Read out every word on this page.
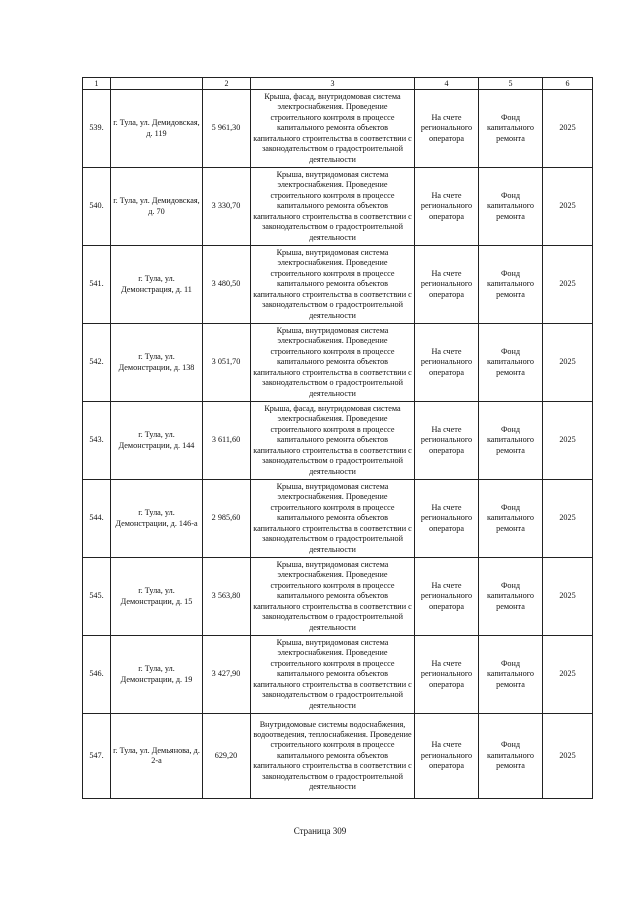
1		2	3	4	5	6
539.	г. Тула, ул. Демидовская, д. 119	5 961,30	Крыша, фасад, внутридомовая система электроснабжения. Проведение строительного контроля в процессе капитального ремонта объектов капитального строительства в соответствии с законодательством о градостроительной деятельности	На счете регионального оператора	Фонд капитального ремонта	2025
540.	г. Тула, ул. Демидовская, д. 70	3 330,70	Крыша, внутридомовая система электроснабжения. Проведение строительного контроля в процессе капитального ремонта объектов капитального строительства в соответствии с законодательством о градостроительной деятельности	На счете регионального оператора	Фонд капитального ремонта	2025
541.	г. Тула, ул. Демонстрация, д. 11	3 480,50	Крыша, внутридомовая система электроснабжения. Проведение строительного контроля в процессе капитального ремонта объектов капитального строительства в соответствии с законодательством о градостроительной деятельности	На счете регионального оператора	Фонд капитального ремонта	2025
542.	г. Тула, ул. Демонстрации, д. 138	3 051,70	Крыша, внутридомовая система электроснабжения. Проведение строительного контроля в процессе капитального ремонта объектов капитального строительства в соответствии с законодательством о градостроительной деятельности	На счете регионального оператора	Фонд капитального ремонта	2025
543.	г. Тула, ул. Демонстрации, д. 144	3 611,60	Крыша, фасад, внутридомовая система электроснабжения. Проведение строительного контроля в процессе капитального ремонта объектов капитального строительства в соответствии с законодательством о градостроительной деятельности	На счете регионального оператора	Фонд капитального ремонта	2025
544.	г. Тула, ул. Демонстрации, д. 146-а	2 985,60	Крыша, внутридомовая система электроснабжения. Проведение строительного контроля в процессе капитального ремонта объектов капитального строительства в соответствии с законодательством о градостроительной деятельности	На счете регионального оператора	Фонд капитального ремонта	2025
545.	г. Тула, ул. Демонстрации, д. 15	3 563,80	Крыша, внутридомовая система электроснабжения. Проведение строительного контроля в процессе капитального ремонта объектов капитального строительства в соответствии с законодательством о градостроительной деятельности	На счете регионального оператора	Фонд капитального ремонта	2025
546.	г. Тула, ул. Демонстрации, д. 19	3 427,90	Крыша, внутридомовая система электроснабжения. Проведение строительного контроля в процессе капитального ремонта объектов капитального строительства в соответствии с законодательством о градостроительной деятельности	На счете регионального оператора	Фонд капитального ремонта	2025
547.	г. Тула, ул. Демьянова, д. 2-а	629,20	Внутридомовые системы водоснабжения, водоотведения, теплоснабжения. Проведение строительного контроля в процессе капитального ремонта объектов капитального строительства в соответствии с законодательством о градостроительной деятельности	На счете регионального оператора	Фонд капитального ремонта	2025
Страница 309
